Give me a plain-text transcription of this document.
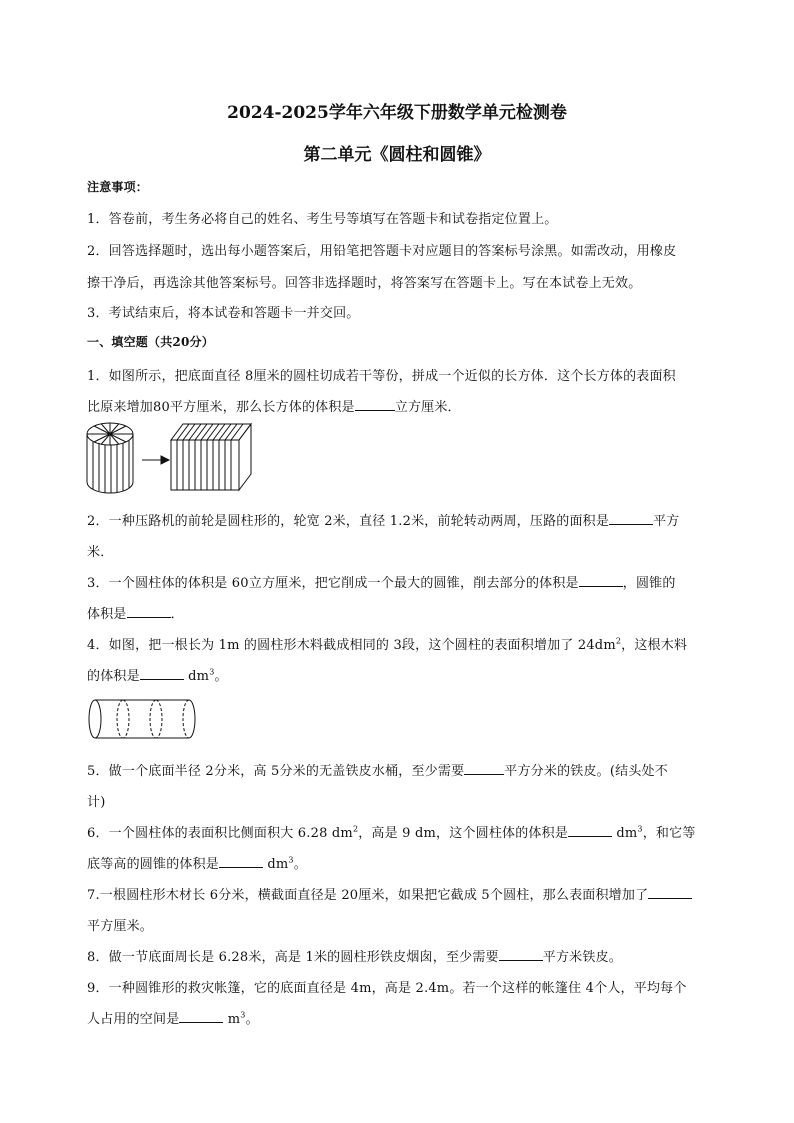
2024-2025学年六年级下册数学单元检测卷
第二单元《圆柱和圆锥》
注意事项：
1．答卷前，考生务必将自己的姓名、考生号等填写在答题卡和试卷指定位置上。
2．回答选择题时，选出每小题答案后，用铅笔把答题卡对应题目的答案标号涂黑。如需改动，用橡皮
擦干净后，再选涂其他答案标号。回答非选择题时，将答案写在答题卡上。写在本试卷上无效。
3．考试结束后，将本试卷和答题卡一并交回。
一、填空题（共20分）
1．如图所示，把底面直径 8厘米的圆柱切成若干等份，拼成一个近似的长方体．这个长方体的表面积
比原来增加80平方厘米，那么长方体的体积是	立方厘米．
2．一种压路机的前轮是圆柱形的，轮宽 2米，直径 1.2米，前轮转动两周，压路的面积是	平方
米．
3．一个圆柱体的体积是 60立方厘米，把它削成一个最大的圆锥，削去部分的体积是	，圆锥的
体积是	．
4．如图，把一根长为 1m 的圆柱形木料截成相同的 3段，这个圆柱的表面积增加了 $24dm^2$，这根木料
的体积是	$dm^3$。
5．做一个底面半径 2分米，高 5分米的无盖铁皮水桶，至少需要	平方分米的铁皮。(结头处不
计)
6．一个圆柱体的表面积比侧面积大 6.28 $dm^2$，高是 9 dm，这个圆柱体的体积是	$dm^3$，和它等
底等高的圆锥的体积是	$dm^3$。
7.一根圆柱形木材长 6分米，横截面直径是 20厘米，如果把它截成 5个圆柱，那么表面积增加了
平方厘米。
8．做一节底面周长是 6.28米，高是 1米的圆柱形铁皮烟囱，至少需要	平方米铁皮。
9．一种圆锥形的救灾帐篷，它的底面直径是 4m，高是 2.4m。若一个这样的帐篷住 4个人，平均每个
人占用的空间是	$m^3$。
